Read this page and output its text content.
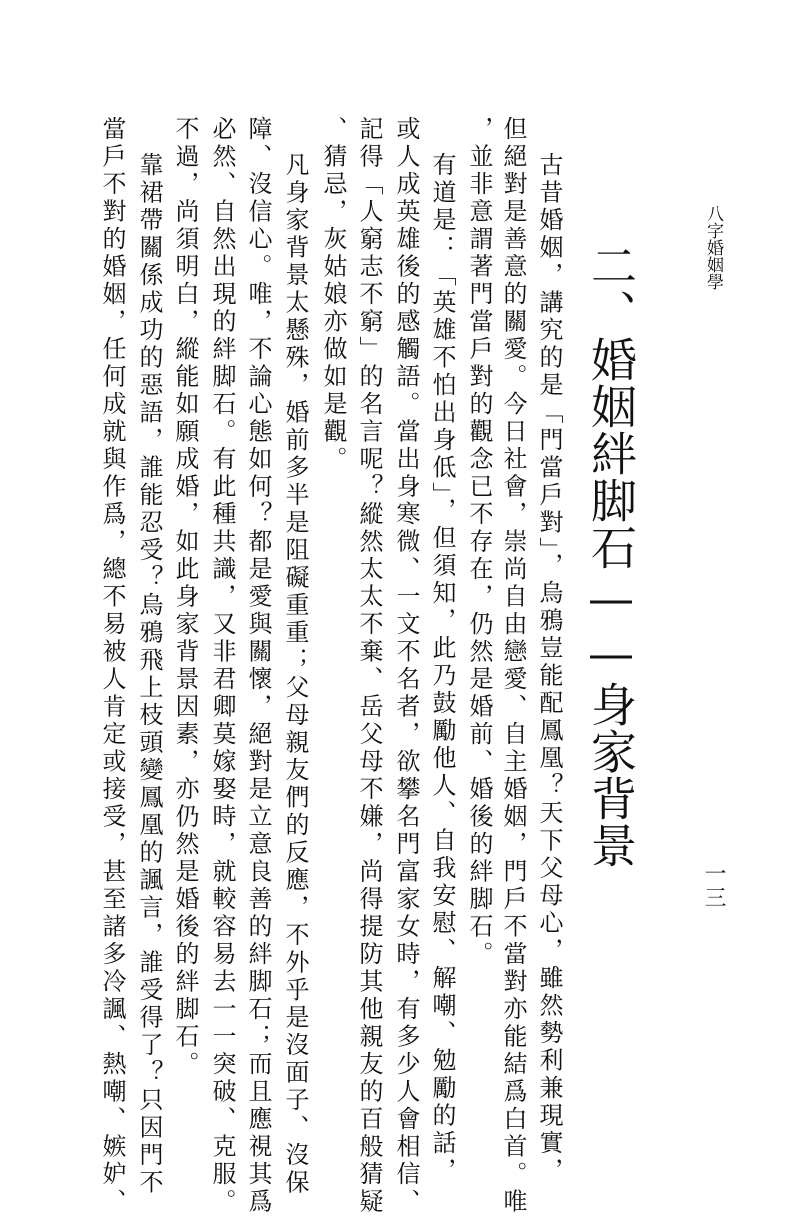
八字婚姻學
一三
二、婚姻絆脚石——身家背景
古昔婚姻，講究的是「門當戶對」，烏鴉豈能配鳳凰？天下父母心，雖然勢利兼現實，
但絕對是善意的關愛。今日社會，崇尚自由戀愛、自主婚姻，門戶不當對亦能結爲白首。唯
，並非意謂著門當戶對的觀念已不存在，仍然是婚前、婚後的絆脚石。
有道是：「英雄不怕出身低」，但須知，此乃鼓勵他人、自我安慰、解嘲、勉勵的話，
或人成英雄後的感觸語。當出身寒微、一文不名者，欲攀名門富家女時，有多少人會相信、
記得「人窮志不窮」的名言呢？縱然太太不棄、岳父母不嫌，尚得提防其他親友的百般猜疑
、猜忌，灰姑娘亦做如是觀。
凡身家背景太懸殊，婚前多半是阻礙重重；父母親友們的反應，不外乎是沒面子、沒保
障、沒信心。唯，不論心態如何？都是愛與關懷，絕對是立意良善的絆脚石；而且應視其爲
必然、自然出現的絆脚石。有此種共識，又非君卿莫嫁娶時，就較容易去一一突破、克服。
不過，尚須明白，縱能如願成婚，如此身家背景因素，亦仍然是婚後的絆脚石。
靠裙帶關係成功的惡語，誰能忍受？烏鴉飛上枝頭變鳳凰的諷言，誰受得了？只因門不
當戶不對的婚姻，任何成就與作爲，總不易被人肯定或接受，甚至諸多冷諷、熱嘲、嫉妒、
